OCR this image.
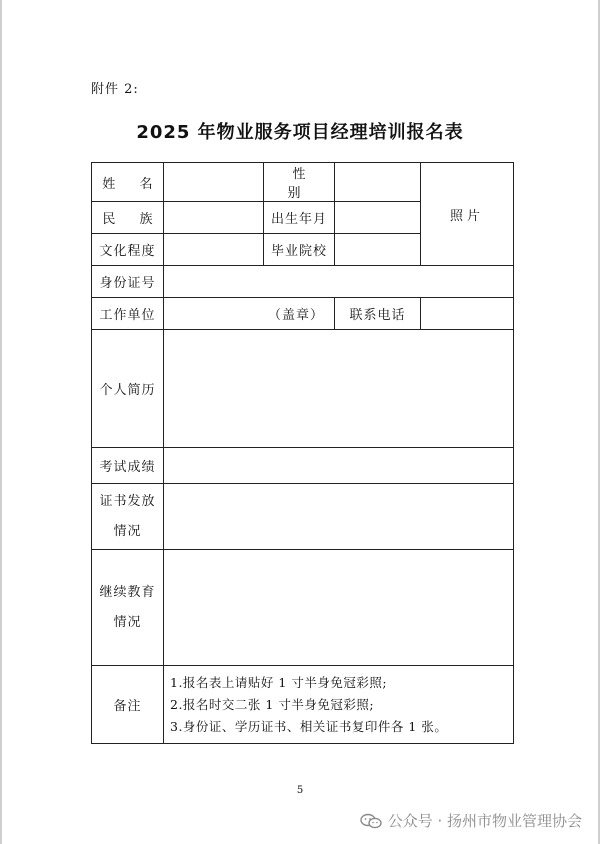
附件 2:
2025 年物业服务项目经理培训报名表
姓 名		性 别		照片
民 族		出生年月		
文化程度		毕业院校		
身份证号				
工作单位	（盖章）		联系电话	
个人简历				
考试成绩				

证书发放
情况				

继续教育
情况				

备注	1.报名表上请贴好 1 寸半身免冠彩照;
2.报名时交二张 1 寸半身免冠彩照;
3.身份证、学历证书、相关证书复印件各 1 张。			
5
公众号 · 扬州市物业管理协会
